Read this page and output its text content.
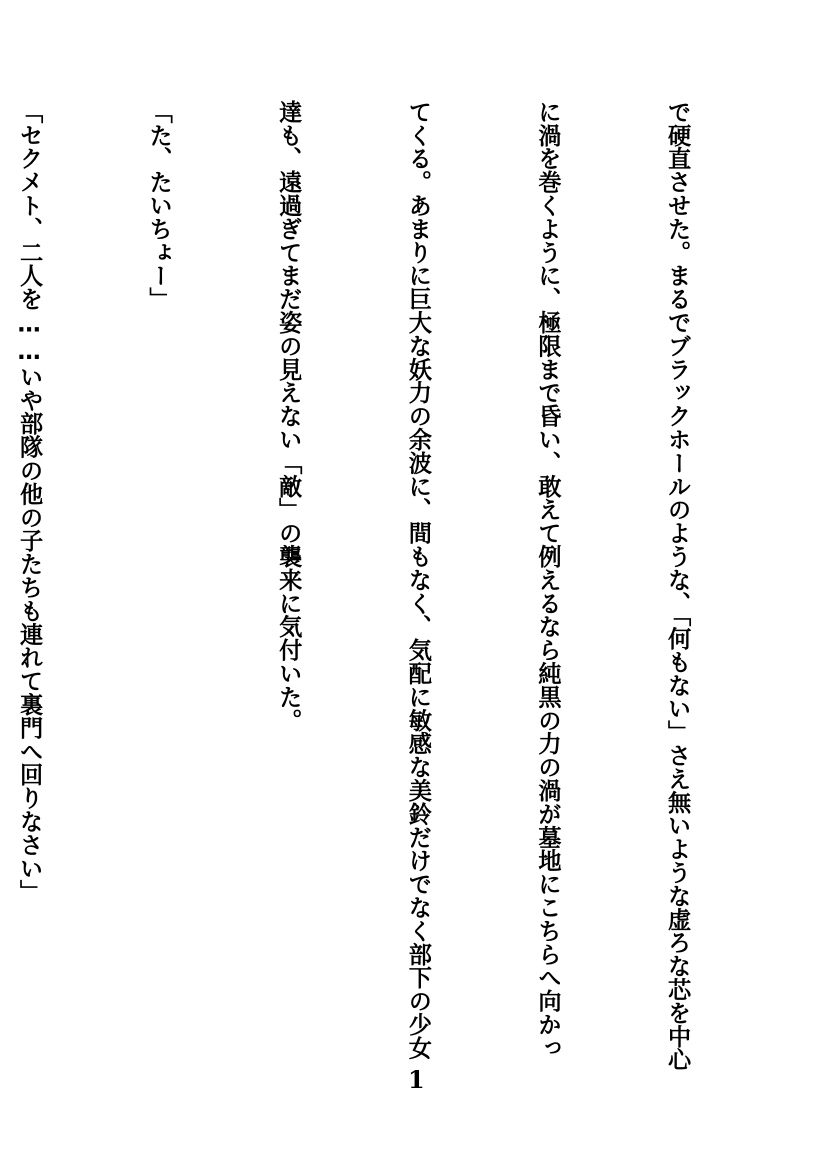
で硬直させた。まるでブラックホールのような、「何もない」さえ無いような虚ろな芯を中心

に渦を巻くように、極限まで昏い、敢えて例えるなら純黒の力の渦が墓地にこちらへ向かっ

てくる。あまりに巨大な妖力の余波に、間もなく、気配に敏感な美鈴だけでなく部下の少女

達も、遠過ぎてまだ姿の見えない「敵」の襲来に気付いた。

「た、たいちょー」

「セクメト、二人を……いや部隊の他の子たちも連れて裏門へ回りなさい」

1
